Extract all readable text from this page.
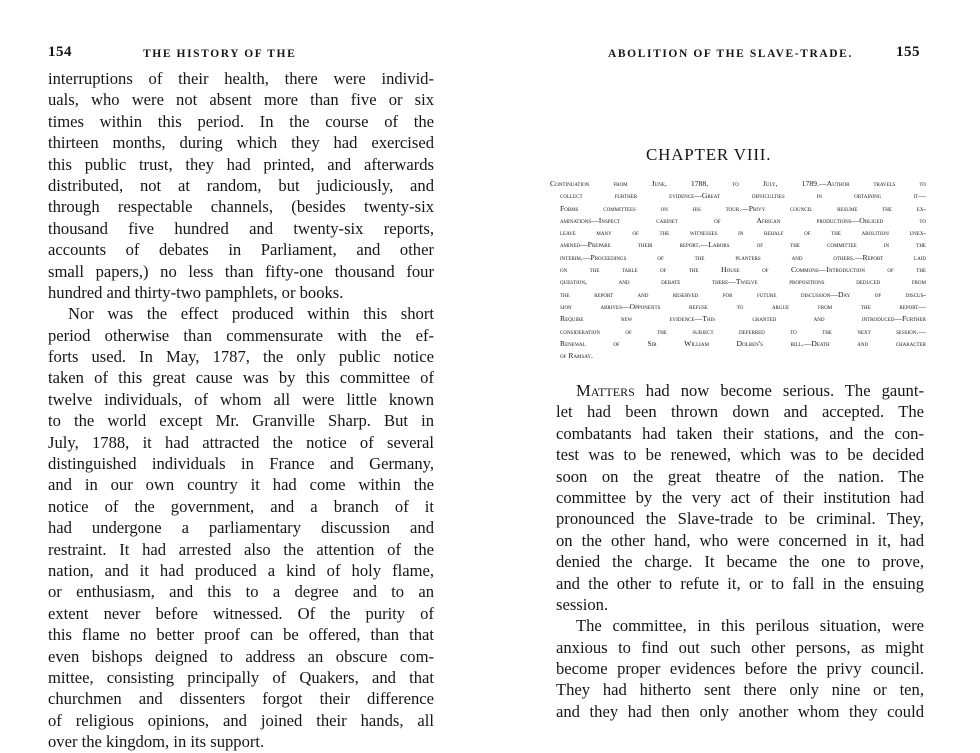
154	THE HISTORY OF THE
interruptions of their health, there were individ-
uals, who were not absent more than five or six
times within this period. In the course of the
thirteen months, during which they had exercised
this public trust, they had printed, and afterwards
distributed, not at random, but judiciously, and
through respectable channels, (besides twenty-six
thousand five hundred and twenty-six reports,
accounts of debates in Parliament, and other
small papers,) no less than fifty-one thousand four
hundred and thirty-two pamphlets, or books.
Nor was the effect produced within this short
period otherwise than commensurate with the ef-
forts used. In May, 1787, the only public notice
taken of this great cause was by this committee of
twelve individuals, of whom all were little known
to the world except Mr. Granville Sharp. But in
July, 1788, it had attracted the notice of several
distinguished individuals in France and Germany,
and in our own country it had come within the
notice of the government, and a branch of it
had undergone a parliamentary discussion and
restraint. It had arrested also the attention of the
nation, and it had produced a kind of holy flame,
or enthusiasm, and this to a degree and to an
extent never before witnessed. Of the purity of
this flame no better proof can be offered, than that
even bishops deigned to address an obscure com-
mittee, consisting principally of Quakers, and that
churchmen and dissenters forgot their difference
of religious opinions, and joined their hands, all
over the kingdom, in its support.
ABOLITION OF THE SLAVE-TRADE.	155
CHAPTER VIII.
Continuation from June, 1788, to July, 1789.—Author travels to
collect further evidence—Great difficulties in obtaining it—
Forms committees on his tour.—Privy council resume the ex-
aminations—Inspect cabinet of African productions—Obliged to
leave many of the witnesses in behalf of the abolition unex-
amined—Prepare their report.—Labors of the committee in the
interim.—Proceedings of the planters and others.—Report laid
on the table of the House of Commons—Introduction of the
question, and debate there—Twelve propositions deduced from
the report and reserved for future discussion—Day of discus-
sion arrives—Opponents refuse to argue from the report—
Require new evidence—This granted and introduced—Further
consideration of the subject deferred to the next session.—
Renewal of Sir William Dolben's bill.—Death and character
of Ramsay.
Matters had now become serious. The gaunt-
let had been thrown down and accepted. The
combatants had taken their stations, and the con-
test was to be renewed, which was to be decided
soon on the great theatre of the nation. The
committee by the very act of their institution had
pronounced the Slave-trade to be criminal. They,
on the other hand, who were concerned in it, had
denied the charge. It became the one to prove,
and the other to refute it, or to fall in the ensuing
session.
The committee, in this perilous situation, were
anxious to find out such other persons, as might
become proper evidences before the privy council.
They had hitherto sent there only nine or ten,
and they had then only another whom they could
